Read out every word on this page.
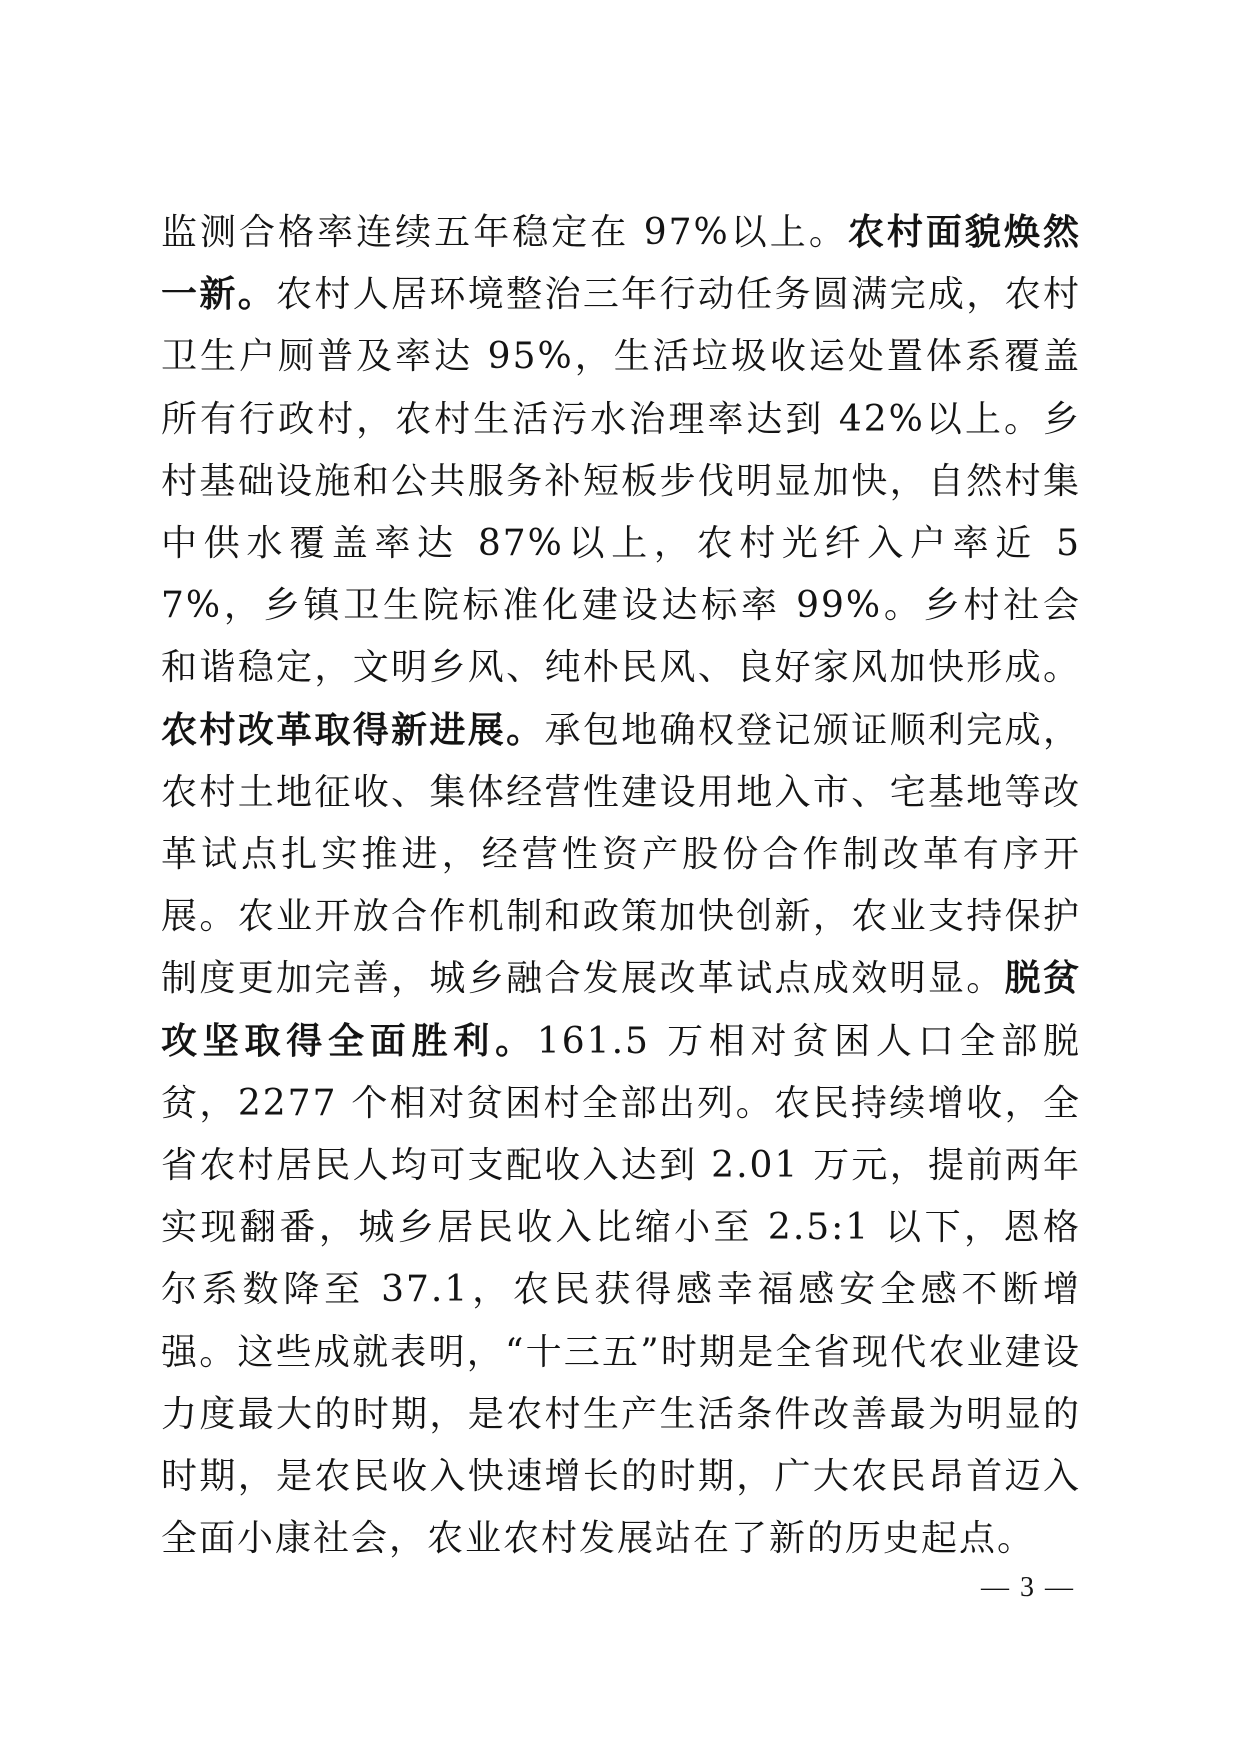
监测合格率连续五年稳定在 97%以上。农村面貌焕然一新。农村人居环境整治三年行动任务圆满完成，农村卫生户厕普及率达 95%，生活垃圾收运处置体系覆盖所有行政村，农村生活污水治理率达到 42%以上。乡村基础设施和公共服务补短板步伐明显加快，自然村集中供水覆盖率达 87%以上，农村光纤入户率近 57%，乡镇卫生院标准化建设达标率 99%。乡村社会和谐稳定，文明乡风、纯朴民风、良好家风加快形成。农村改革取得新进展。承包地确权登记颁证顺利完成，农村土地征收、集体经营性建设用地入市、宅基地等改革试点扎实推进，经营性资产股份合作制改革有序开展。农业开放合作机制和政策加快创新，农业支持保护制度更加完善，城乡融合发展改革试点成效明显。脱贫攻坚取得全面胜利。161.5 万相对贫困人口全部脱贫，2277 个相对贫困村全部出列。农民持续增收，全省农村居民人均可支配收入达到 2.01 万元，提前两年实现翻番，城乡居民收入比缩小至 2.5:1 以下，恩格尔系数降至 37.1，农民获得感幸福感安全感不断增强。这些成就表明，“十三五”时期是全省现代农业建设力度最大的时期，是农村生产生活条件改善最为明显的时期，是农民收入快速增长的时期，广大农民昂首迈入全面小康社会，农业农村发展站在了新的历史起点。

— 3 —
